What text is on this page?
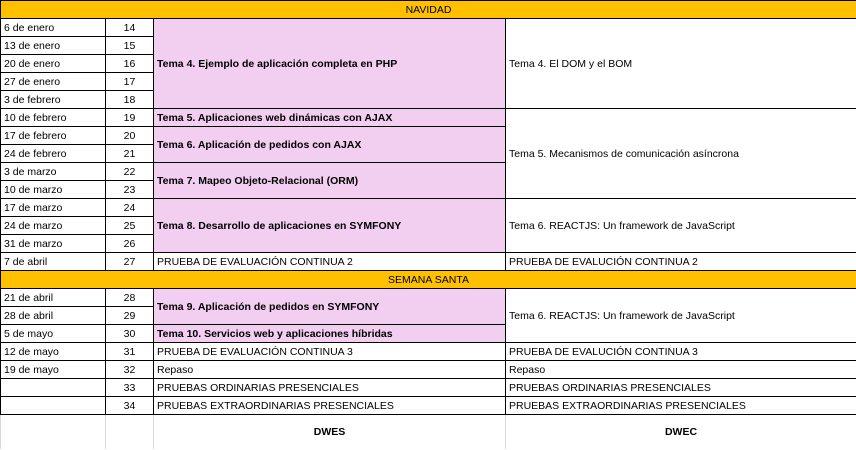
NAVIDAD			
6 de enero	14	Tema 4. Ejemplo de aplicación completa en PHP	Tema 4. El DOM y el BOM
13 de enero	15		
20 de enero	16		
27 de enero	17		
3 de febrero	18		
10 de febrero	19	Tema 5. Aplicaciones web dinámicas con AJAX	Tema 5. Mecanismos de comunicación asíncrona
17 de febrero	20	Tema 6. Aplicación de pedidos con AJAX	
24 de febrero	21		
3 de marzo	22	Tema 7. Mapeo Objeto-Relacional (ORM)	
10 de marzo	23		
17 de marzo	24	Tema 8. Desarrollo de aplicaciones en SYMFONY	Tema 6. REACTJS: Un framework de JavaScript
24 de marzo	25		
31 de marzo	26		
7 de abril	27	PRUEBA DE EVALUACIÓN CONTINUA 2	PRUEBA DE EVALUCIÓN CONTINUA 2
SEMANA SANTA			
21 de abril	28	Tema 9. Aplicación de pedidos en SYMFONY	Tema 6. REACTJS: Un framework de JavaScript
28 de abril	29		
5 de mayo	30	Tema 10. Servicios web y aplicaciones híbridas	
12 de mayo	31	PRUEBA DE EVALUACIÓN CONTINUA 3	PRUEBA DE EVALUCIÓN CONTINUA 3
19 de mayo	32	Repaso	Repaso
	33	PRUEBAS ORDINARIAS PRESENCIALES	PRUEBAS ORDINARIAS PRESENCIALES
	34	PRUEBAS EXTRAORDINARIAS PRESENCIALES	PRUEBAS EXTRAORDINARIAS PRESENCIALES
		DWES	DWEC
